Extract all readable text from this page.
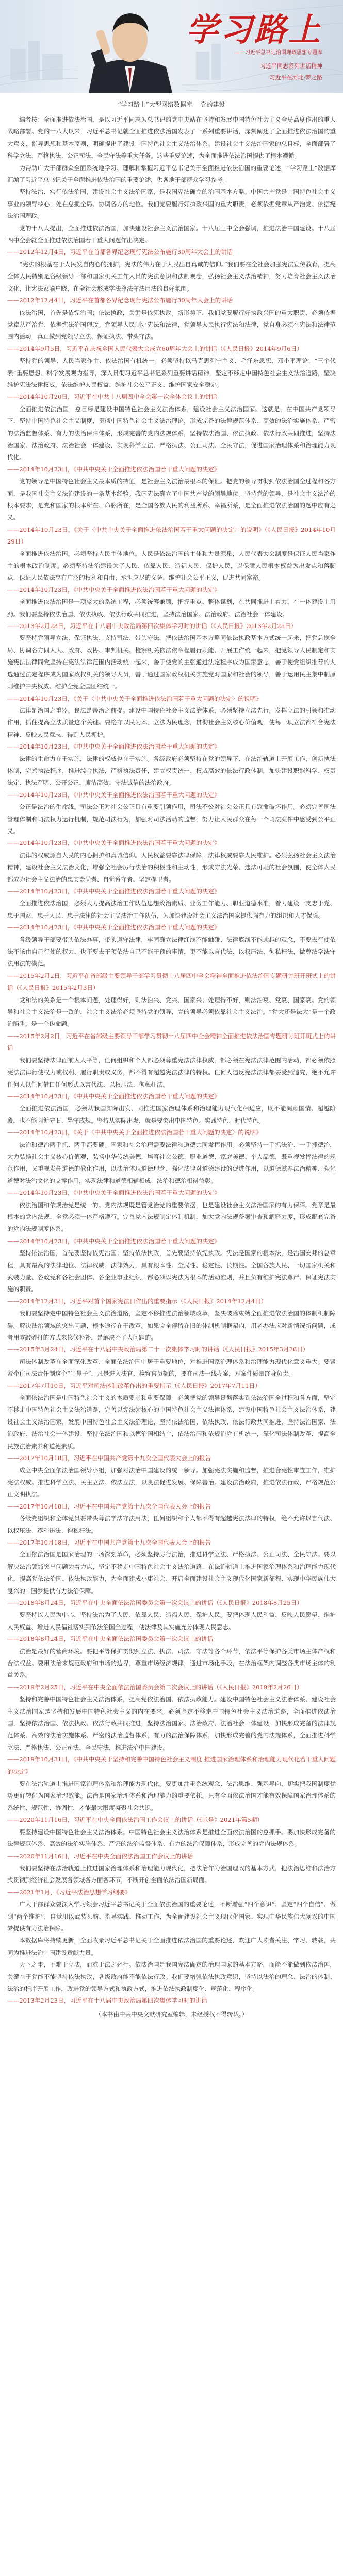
学习路上
——习近平总书记治国理政思想专题库
习近平同志系列讲话精神
习近平在河北·梦之路
“学习路上”大型网络数据库 党的建设

编者按：全面推进依法治国，是以习近平同志为总书记的党中央站在坚持和发展中国特色社会主义全局高度作出的重大战略部署。党的十八大以来，习近平总书记就全面推进依法治国发表了一系列重要讲话，深刻阐述了全面推进依法治国的重大意义、指导思想和基本原则，明确提出了建设中国特色社会主义法治体系、建设社会主义法治国家的总目标，全面部署了科学立法、严格执法、公正司法、全民守法等重大任务。这些重要论述，为全面推进依法治国提供了根本遵循。

为帮助广大干部群众全面系统地学习、理解和掌握习近平总书记关于全面推进依法治国的重要论述，“学习路上”数据库汇编了习近平总书记关于全面推进依法治国的重要论述，供各地干部群众学习参考。

坚持法治、实行依法治国，建设社会主义法治国家，是我国宪法确立的治国基本方略。中国共产党是中国特色社会主义事业的领导核心，处在总揽全局、协调各方的地位。我们党要履行好执政兴国的重大职责，必须依据党章从严治党、依据宪法治国理政。

党的十八大提出，全面推进依法治国，加快建设社会主义法治国家。十八届三中全会强调，推进法治中国建设。十八届四中全会就全面推进依法治国若干重大问题作出决定。

——2012年12月4日，习近平在首都各界纪念现行宪法公布施行30周年大会上的讲话

“宪法的根基在于人民发自内心的拥护，宪法的伟力在于人民出自真诚的信仰。”我们要在全社会加强宪法宣传教育，提高全体人民特别是各级领导干部和国家机关工作人员的宪法意识和法制观念，弘扬社会主义法治精神，努力培育社会主义法治文化，让宪法家喻户晓，在全社会形成学法尊法守法用法的良好氛围。

——2012年12月4日，习近平在首都各界纪念现行宪法公布施行30周年大会上的讲话

依法治国，首先是依宪治国；依法执政，关键是依宪执政。新形势下，我们党要履行好执政兴国的重大职责，必须依据党章从严治党、依据宪法治国理政。党领导人民制定宪法和法律，党领导人民执行宪法和法律，党自身必须在宪法和法律范围内活动，真正做到党领导立法、保证执法、带头守法。

——2014年9月5日，习近平在庆祝全国人民代表大会成立60周年大会上的讲话（《人民日报》2014年9月6日）

坚持党的领导、人民当家作主、依法治国有机统一。必须坚持以马克思列宁主义、毛泽东思想、邓小平理论、“三个代表”重要思想、科学发展观为指导，深入贯彻习近平总书记系列重要讲话精神，坚定不移走中国特色社会主义法治道路，坚决维护宪法法律权威，依法维护人民权益、维护社会公平正义、维护国家安全稳定。

——2014年10月20日，习近平在中共十八届四中全会第一次全体会议上的讲话

全面推进依法治国，总目标是建设中国特色社会主义法治体系，建设社会主义法治国家。这就是，在中国共产党领导下，坚持中国特色社会主义制度，贯彻中国特色社会主义法治理论，形成完备的法律规范体系、高效的法治实施体系、严密的法治监督体系、有力的法治保障体系，形成完善的党内法规体系，坚持依法治国、依法执政、依法行政共同推进，坚持法治国家、法治政府、法治社会一体建设，实现科学立法、严格执法、公正司法、全民守法，促进国家治理体系和治理能力现代化。

——2014年10月23日，《中共中央关于全面推进依法治国若干重大问题的决定》

党的领导是中国特色社会主义最本质的特征，是社会主义法治最根本的保证。把党的领导贯彻到依法治国全过程和各方面，是我国社会主义法治建设的一条基本经验。我国宪法确立了中国共产党的领导地位。坚持党的领导，是社会主义法治的根本要求，是党和国家的根本所在、命脉所在，是全国各族人民的利益所系、幸福所系，是全面推进依法治国的题中应有之义。

——2014年10月23日，《关于〈中共中央关于全面推进依法治国若干重大问题的决定〉的说明》（《人民日报》2014年10月29日）

全面推进依法治国，必须坚持人民主体地位。人民是依法治国的主体和力量源泉，人民代表大会制度是保证人民当家作主的根本政治制度。必须坚持法治建设为了人民、依靠人民、造福人民、保护人民，以保障人民根本权益为出发点和落脚点，保证人民依法享有广泛的权利和自由、承担应尽的义务，维护社会公平正义，促进共同富裕。

——2014年10月23日，《中共中央关于全面推进依法治国若干重大问题的决定》

全面推进依法治国是一项庞大的系统工程，必须统筹兼顾、把握重点、整体谋划，在共同推进上着力，在一体建设上用劲。我们要坚持依法治国、依法执政、依法行政共同推进，坚持法治国家、法治政府、法治社会一体建设。

——2013年2月23日，习近平在十八届中央政治局第四次集体学习时的讲话（《人民日报》2013年2月25日）

要坚持党领导立法、保证执法、支持司法、带头守法，把依法治国基本方略同依法执政基本方式统一起来，把党总揽全局、协调各方同人大、政府、政协、审判机关、检察机关依法依章程履行职能、开展工作统一起来，把党领导人民制定和实施宪法法律同党坚持在宪法法律范围内活动统一起来，善于使党的主张通过法定程序成为国家意志，善于使党组织推荐的人选通过法定程序成为国家政权机关的领导人员，善于通过国家政权机关实施党对国家和社会的领导，善于运用民主集中制原则维护中央权威、维护全党全国团结统一。

——2014年10月23日，《关于〈中共中央关于全面推进依法治国若干重大问题的决定〉的说明》

法律是治国之重器，良法是善治之前提。建设中国特色社会主义法治体系，必须坚持立法先行，发挥立法的引领和推动作用，抓住提高立法质量这个关键。要恪守以民为本、立法为民理念，贯彻社会主义核心价值观，使每一项立法都符合宪法精神、反映人民意志、得到人民拥护。

——2014年10月23日，《中共中央关于全面推进依法治国若干重大问题的决定》

法律的生命力在于实施，法律的权威也在于实施。各级政府必须坚持在党的领导下、在法治轨道上开展工作，创新执法体制，完善执法程序，推进综合执法，严格执法责任，建立权责统一、权威高效的依法行政体制，加快建设职能科学、权责法定、执法严明、公开公正、廉洁高效、守法诚信的法治政府。

——2014年10月23日，《中共中央关于全面推进依法治国若干重大问题的决定》

公正是法治的生命线。司法公正对社会公正具有重要引领作用，司法不公对社会公正具有致命破坏作用。必须完善司法管理体制和司法权力运行机制，规范司法行为，加强对司法活动的监督，努力让人民群众在每一个司法案件中感受到公平正义。

——2014年10月23日，《中共中央关于全面推进依法治国若干重大问题的决定》

法律的权威源自人民的内心拥护和真诚信仰。人民权益要靠法律保障，法律权威要靠人民维护。必须弘扬社会主义法治精神，建设社会主义法治文化，增强全社会厉行法治的积极性和主动性，形成守法光荣、违法可耻的社会氛围，使全体人民都成为社会主义法治的忠实崇尚者、自觉遵守者、坚定捍卫者。

——2014年10月23日，《中共中央关于全面推进依法治国若干重大问题的决定》

全面推进依法治国，必须大力提高法治工作队伍思想政治素质、业务工作能力、职业道德水准，着力建设一支忠于党、忠于国家、忠于人民、忠于法律的社会主义法治工作队伍，为加快建设社会主义法治国家提供强有力的组织和人才保障。

——2014年10月23日，《中共中央关于全面推进依法治国若干重大问题的决定》

各级领导干部要带头依法办事，带头遵守法律，牢固确立法律红线不能触碰、法律底线不能逾越的观念，不要去行使依法不该由自己行使的权力，也不要去干预依法自己不能干预的事情，更不能以言代法、以权压法、徇私枉法，做尊法学法守法用法的模范。

——2015年2月2日，习近平在省部级主要领导干部学习贯彻十八届四中全会精神全面推进依法治国专题研讨班开班式上的讲话（《人民日报》2015年2月3日）

党和法的关系是一个根本问题，处理得好，则法治兴、党兴、国家兴；处理得不好，则法治衰、党衰、国家衰。党的领导和社会主义法治是一致的，社会主义法治必须坚持党的领导，党的领导必须依靠社会主义法治。“党大还是法大”是一个政治陷阱，是一个伪命题。

——2015年2月2日，习近平在省部级主要领导干部学习贯彻十八届四中全会精神全面推进依法治国专题研讨班开班式上的讲话

我们要坚持法律面前人人平等，任何组织和个人都必须尊重宪法法律权威，都必须在宪法法律范围内活动，都必须依照宪法法律行使权力或权利、履行职责或义务，都不得有超越宪法法律的特权。任何人违反宪法法律都要受到追究，绝不允许任何人以任何借口任何形式以言代法、以权压法、徇私枉法。

——2014年10月23日，《中共中央关于全面推进依法治国若干重大问题的决定》

全面推进依法治国，必须从我国实际出发，同推进国家治理体系和治理能力现代化相适应，既不能罔顾国情、超越阶段，也不能因循守旧、墨守成规。坚持从实际出发，就是要突出中国特色、实践特色、时代特色。

——2014年10月23日，《关于〈中共中央关于全面推进依法治国若干重大问题的决定〉的说明》

法治和德治两手抓、两手都要硬。国家和社会治理需要法律和道德共同发挥作用。必须坚持一手抓法治、一手抓德治，大力弘扬社会主义核心价值观，弘扬中华传统美德，培育社会公德、职业道德、家庭美德、个人品德，既重视发挥法律的规范作用，又重视发挥道德的教化作用，以法治体现道德理念、强化法律对道德建设的促进作用，以道德滋养法治精神、强化道德对法治文化的支撑作用，实现法律和道德相辅相成、法治和德治相得益彰。

——2014年10月23日，《中共中央关于全面推进依法治国若干重大问题的决定》

依法治国和依规治党是统一的。党内法规既是管党治党的重要依据，也是建设社会主义法治国家的有力保障。党章是最根本的党内法规，全党必须一体严格遵行。完善党内法规制定体制机制，加大党内法规备案审查和解释力度，形成配套完备的党内法规制度体系。

——2014年10月23日，《中共中央关于全面推进依法治国若干重大问题的决定》

坚持依法治国，首先要坚持依宪治国；坚持依法执政，首先要坚持依宪执政。宪法是国家的根本法，是治国安邦的总章程，具有最高的法律地位、法律权威、法律效力，具有根本性、全局性、稳定性、长期性。全国各族人民、一切国家机关和武装力量、各政党和各社会团体、各企业事业组织，都必须以宪法为根本的活动准则，并且负有维护宪法尊严、保证宪法实施的职责。

——2014年12月3日，习近平对首个国家宪法日作出的重要指示（《人民日报》2014年12月4日）

我们要坚持走中国特色社会主义法治道路，坚定不移推进法治领域改革，坚决破除束缚全面推进依法治国的体制机制障碍。解决法治领域的突出问题，根本途径在于改革。如果完全停留在旧的体制机制框架内，用老办法应对新情况新问题，或者用零敲碎打的方式来修修补补，是解决不了大问题的。

——2015年3月24日，习近平在十八届中央政治局第二十一次集体学习时的讲话（《人民日报》2015年3月26日）

司法体制改革在全面深化改革、全面依法治国中居于重要地位，对推进国家治理体系和治理能力现代化意义重大。要紧紧牵住司法责任制这个“牛鼻子”，凡是进入法官、检察官员额的，要在司法一线办案，对案件质量终身负责。

——2017年7月10日，习近平对司法体制改革作出的重要指示（《人民日报》2017年7月11日）

全面依法治国是中国特色社会主义的本质要求和重要保障。必须把党的领导贯彻落实到依法治国全过程和各方面，坚定不移走中国特色社会主义法治道路，完善以宪法为核心的中国特色社会主义法律体系，建设中国特色社会主义法治体系，建设社会主义法治国家，发展中国特色社会主义法治理论，坚持依法治国、依法执政、依法行政共同推进，坚持法治国家、法治政府、法治社会一体建设，坚持依法治国和以德治国相结合，依法治国和依规治党有机统一，深化司法体制改革，提高全民族法治素养和道德素质。

——2017年10月18日，习近平在中国共产党第十九次全国代表大会上的报告

成立中央全面依法治国领导小组，加强对法治中国建设的统一领导。加强宪法实施和监督，推进合宪性审查工作，维护宪法权威。推进科学立法、民主立法、依法立法，以良法促进发展、保障善治。建设法治政府，推进依法行政，严格规范公正文明执法。

——2017年10月18日，习近平在中国共产党第十九次全国代表大会上的报告

各级党组织和全体党员要带头尊法学法守法用法，任何组织和个人都不得有超越宪法法律的特权，绝不允许以言代法、以权压法、逐利违法、徇私枉法。

——2017年10月18日，习近平在中国共产党第十九次全国代表大会上的报告

全面依法治国是国家治理的一场深刻革命，必须坚持厉行法治，推进科学立法、严格执法、公正司法、全民守法。要以解决法治领域突出问题为着力点，坚定不移走中国特色社会主义法治道路，在法治轨道上推进国家治理体系和治理能力现代化，提高党依法治国、依法执政能力，为全面建成小康社会、开启全面建设社会主义现代化国家新征程、实现中华民族伟大复兴的中国梦提供有力法治保障。

——2018年8月24日，习近平在中央全面依法治国委员会第一次会议上的讲话（《人民日报》2018年8月25日）

要坚持以人民为中心，坚持法治为了人民、依靠人民、造福人民、保护人民。要把体现人民利益、反映人民愿望、维护人民权益、增进人民福祉落实到依法治国全过程，使法律及其实施充分体现人民意志。

——2018年8月24日，习近平在中央全面依法治国委员会第一次会议上的讲话

法治是最好的营商环境。要把平等保护贯彻到立法、执法、司法、守法等各个环节，依法平等保护各类市场主体产权和合法权益。要用法治来规范政府和市场的边界，尊重市场经济规律，通过市场化手段，在法治框架内调整各类市场主体的利益关系。

——2019年2月25日，习近平在中央全面依法治国委员会第二次会议上的讲话（《人民日报》2019年2月26日）

坚持和完善中国特色社会主义法治体系，提高党依法治国、依法执政能力。建设中国特色社会主义法治体系、建设社会主义法治国家是坚持和发展中国特色社会主义的内在要求。必须坚定不移走中国特色社会主义法治道路，全面推进依法治国，坚持依法治国、依法执政、依法行政共同推进，坚持法治国家、法治政府、法治社会一体建设，加快形成完备的法律规范体系、高效的法治实施体系、严密的法治监督体系、有力的法治保障体系，加快形成完善的党内法规体系，全面推进科学立法、严格执法、公正司法、全民守法，推进法治中国建设。

——2019年10月31日，《中共中央关于坚持和完善中国特色社会主义制度 推进国家治理体系和治理能力现代化若干重大问题的决定》

要在法治轨道上推进国家治理体系和治理能力现代化。要更加注重系统观念、法治思维、强基导向，切实把我国制度优势更好转化为国家治理效能。法治是国家治理体系和治理能力的重要依托。只有全面依法治国才能有效保障国家治理体系的系统性、规范性、协调性，才能最大限度凝聚社会共识。

——2020年11月16日，习近平在中央全面依法治国工作会议上的讲话（《求是》2021年第5期）

要坚持建设中国特色社会主义法治体系。中国特色社会主义法治体系是推进全面依法治国的总抓手。要加快形成完备的法律规范体系、高效的法治实施体系、严密的法治监督体系、有力的法治保障体系，形成完善的党内法规体系。

——2020年11月16日，习近平在中央全面依法治国工作会议上的讲话

我们要坚持在法治轨道上推进国家治理体系和治理能力现代化，把法治作为治国理政的基本方式，把法治思维和法治方式贯彻到经济社会发展各领域各方面各环节，不断开创全面依法治国新局面。

——2021年1月，《习近平法治思想学习纲要》

广大干部群众要深入学习领会习近平总书记关于全面依法治国的重要论述，不断增强“四个意识”、坚定“四个自信”、做到“两个维护”，自觉用以武装头脑、指导实践、推动工作，为全面建设社会主义现代化国家、实现中华民族伟大复兴的中国梦提供有力法治保障。

本数据库将持续更新，全面收录习近平总书记关于全面推进依法治国的重要论述，欢迎广大读者关注、学习、转载，共同为推进法治中国建设贡献力量。

天下之事，不难于立法，而难于法之必行。依法治国是我国宪法确定的治理国家的基本方略，而能不能做到依法治国，关键在于党能不能坚持依法执政，各级政府能不能依法行政。我们要增强依法执政意识，坚持以法治的理念、法治的体制、法治的程序开展工作，改进党的领导方式和执政方式，推进依法执政制度化、规范化、程序化。

——2013年2月23日，习近平在十八届中央政治局第四次集体学习时的讲话

（本书由中共中央文献研究室编辑，未经授权不得转载。）
